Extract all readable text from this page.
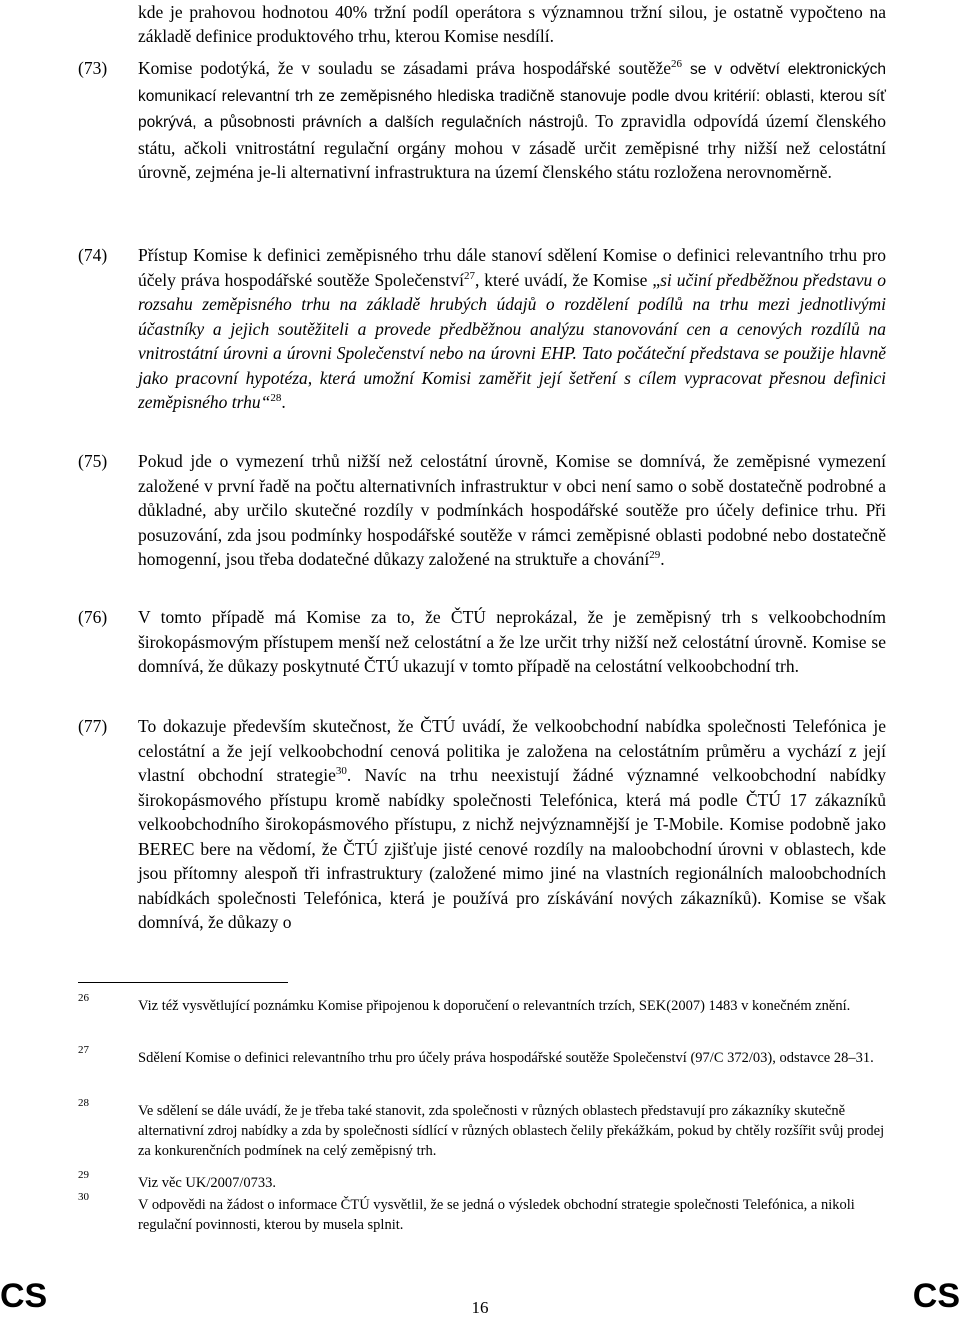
kde je prahovou hodnotou 40% tržní podíl operátora s významnou tržní silou, je ostatně vypočteno na základě definice produktového trhu, kterou Komise nesdílí.
(73) Komise podotýká, že v souladu se zásadami práva hospodářské soutěže$^{26}$ se v odvětví elektronických komunikací relevantní trh ze zeměpisného hlediska tradičně stanovuje podle dvou kritérií: oblasti, kterou síť pokrývá, a působnosti právních a dalších regulačních nástrojů. To zpravidla odpovídá území členského státu, ačkoli vnitrostátní regulační orgány mohou v zásadě určit zeměpisné trhy nižší než celostátní úrovně, zejména je-li alternativní infrastruktura na území členského státu rozložena nerovnoměrně.
(74) Přístup Komise k definici zeměpisného trhu dále stanoví sdělení Komise o definici relevantního trhu pro účely práva hospodářské soutěže Společenství$^{27}$, které uvádí, že Komise „si učiní předběžnou představu o rozsahu zeměpisného trhu na základě hrubých údajů o rozdělení podílů na trhu mezi jednotlivými účastníky a jejich soutěžiteli a provede předběžnou analýzu stanovování cen a cenových rozdílů na vnitrostátní úrovni a úrovni Společenství nebo na úrovni EHP. Tato počáteční představa se použije hlavně jako pracovní hypotéza, která umožní Komisi zaměřit její šetření s cílem vypracovat přesnou definici zeměpisného trhu“$^{28}$.
(75) Pokud jde o vymezení trhů nižší než celostátní úrovně, Komise se domnívá, že zeměpisné vymezení založené v první řadě na počtu alternativních infrastruktur v obci není samo o sobě dostatečně podrobné a důkladné, aby určilo skutečné rozdíly v podmínkách hospodářské soutěže pro účely definice trhu. Při posuzování, zda jsou podmínky hospodářské soutěže v rámci zeměpisné oblasti podobné nebo dostatečně homogenní, jsou třeba dodatečné důkazy založené na struktuře a chování$^{29}$.
(76) V tomto případě má Komise za to, že ČTÚ neprokázal, že je zeměpisný trh s velkoobchodním širokopásmovým přístupem menší než celostátní a že lze určit trhy nižší než celostátní úrovně. Komise se domnívá, že důkazy poskytnuté ČTÚ ukazují v tomto případě na celostátní velkoobchodní trh.
(77) To dokazuje především skutečnost, že ČTÚ uvádí, že velkoobchodní nabídka společnosti Telefónica je celostátní a že její velkoobchodní cenová politika je založena na celostátním průměru a vychází z její vlastní obchodní strategie$^{30}$. Navíc na trhu neexistují žádné významné velkoobchodní nabídky širokopásmového přístupu kromě nabídky společnosti Telefónica, která má podle ČTÚ 17 zákazníků velkoobchodního širokopásmového přístupu, z nichž nejvýznamnější je T-Mobile. Komise podobně jako BEREC bere na vědomí, že ČTÚ zjišťuje jisté cenové rozdíly na maloobchodní úrovni v oblastech, kde jsou přítomny alespoň tři infrastruktury (založené mimo jiné na vlastních regionálních maloobchodních nabídkách společnosti Telefónica, která je používá pro získávání nových zákazníků). Komise se však domnívá, že důkazy o
26	Viz též vysvětlující poznámku Komise připojenou k doporučení o relevantních trzích, SEK(2007) 1483 v konečném znění.
27	Sdělení Komise o definici relevantního trhu pro účely práva hospodářské soutěže Společenství (97/C 372/03), odstavce 28–31.
28	Ve sdělení se dále uvádí, že je třeba také stanovit, zda společnosti v různých oblastech představují pro zákazníky skutečně alternativní zdroj nabídky a zda by společnosti sídlící v různých oblastech čelily překážkám, pokud by chtěly rozšířit svůj prodej za konkurenčních podmínek na celý zeměpisný trh.
29	Viz věc UK/2007/0733.
30	V odpovědi na žádost o informace ČTÚ vysvětlil, že se jedná o výsledek obchodní strategie společnosti Telefónica, a nikoli regulační povinnosti, kterou by musela splnit.
CS	16	CS
